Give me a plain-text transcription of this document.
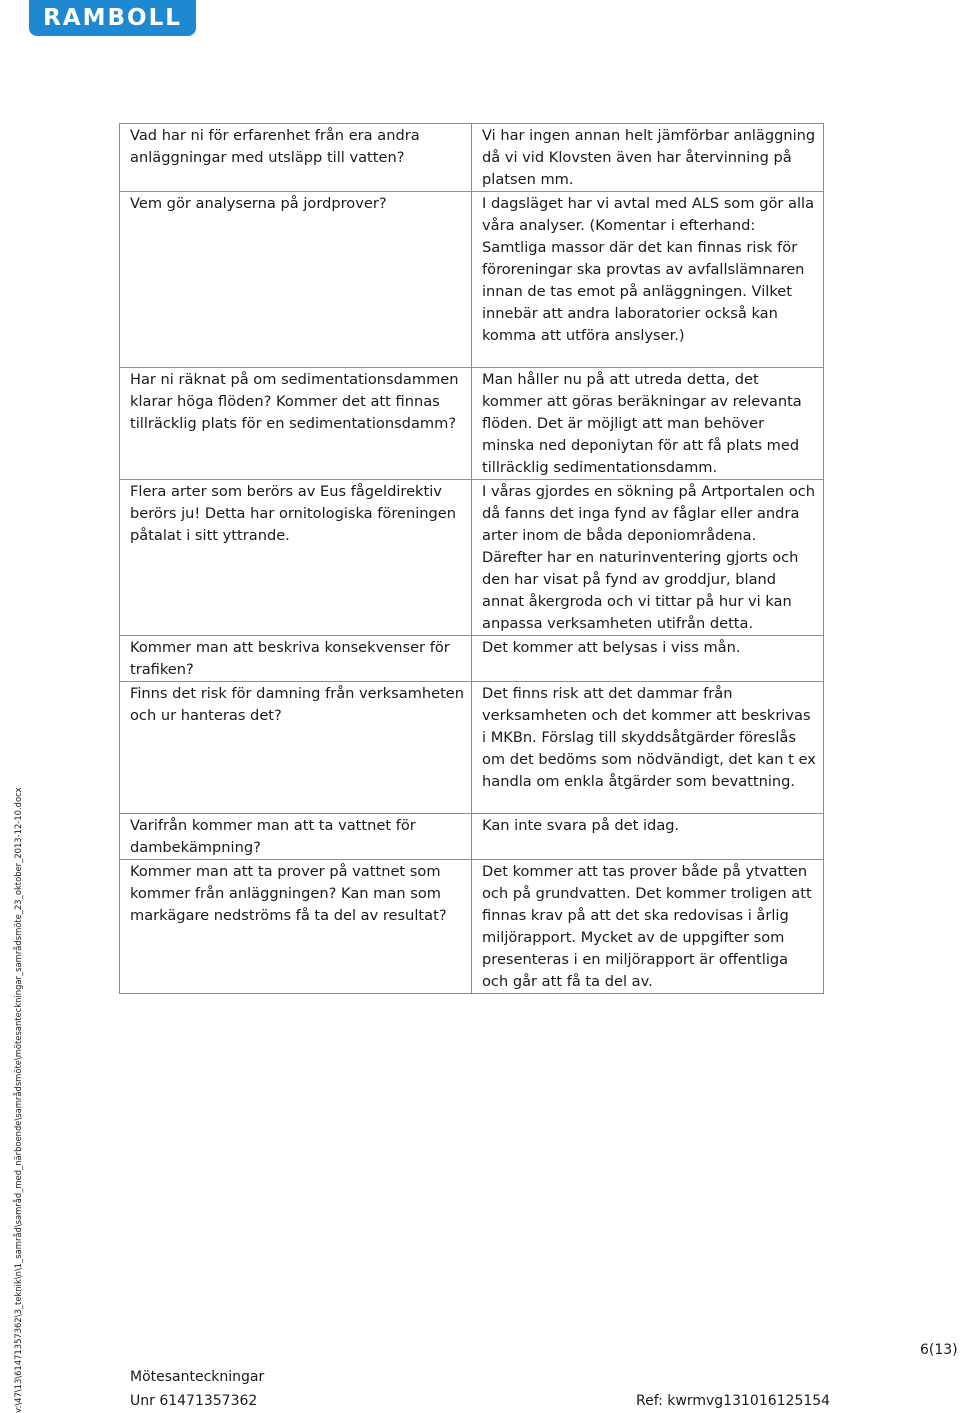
RAMBOLL
v:\47\13\61471357362\3_teknik\n\1_samråd\samråd_med_närboende\samrådsmöte\mötesanteckningar_samrådsmöte_23_oktober_2013-12-10.docx
Vad har ni för erfarenhet från era andra anläggningar med utsläpp till vatten?	Vi har ingen annan helt jämförbar anläggning då vi vid Klovsten även har återvinning på platsen mm.

Vem gör analyserna på jordprover?	I dagsläget har vi avtal med ALS som gör alla våra analyser. (Komentar i efterhand: Samtliga massor där det kan finnas risk för föroreningar ska provtas av avfallslämnaren innan de tas emot på anläggningen. Vilket innebär att andra laboratorier också kan komma att utföra anslyser.)

Har ni räknat på om sedimentationsdammen klarar höga flöden? Kommer det att finnas tillräcklig plats för en sedimentationsdamm?	Man håller nu på att utreda detta, det kommer att göras beräkningar av relevanta flöden. Det är möjligt att man behöver minska ned deponiytan för att få plats med tillräcklig sedimentationsdamm.

Flera arter som berörs av Eus fågeldirektiv berörs ju! Detta har ornitologiska föreningen påtalat i sitt yttrande.	I våras gjordes en sökning på Artportalen och då fanns det inga fynd av fåglar eller andra arter inom de båda deponiområdena. Därefter har en naturinventering gjorts och den har visat på fynd av groddjur, bland annat åkergroda och vi tittar på hur vi kan anpassa verksamheten utifrån detta.

Kommer man att beskriva konsekvenser för trafiken?	Det kommer att belysas i viss mån.

Finns det risk för damning från verksamheten och ur hanteras det?	Det finns risk att det dammar från verksamheten och det kommer att beskrivas i MKBn. Förslag till skyddsåtgärder föreslås om det bedöms som nödvändigt, det kan t ex handla om enkla åtgärder som bevattning.

Varifrån kommer man att ta vattnet för dambekämpning?	Kan inte svara på det idag.

Kommer man att ta prover på vattnet som kommer från anläggningen? Kan man som markägare nedströms få ta del av resultat?	Det kommer att tas prover både på ytvatten och på grundvatten. Det kommer troligen att finnas krav på att det ska redovisas i årlig miljörapport. Mycket av de uppgifter som presenteras i en miljörapport är offentliga och går att få ta del av.
6(13)
Mötesanteckningar
Unr 61471357362	Ref: kwrmvg131016125154
